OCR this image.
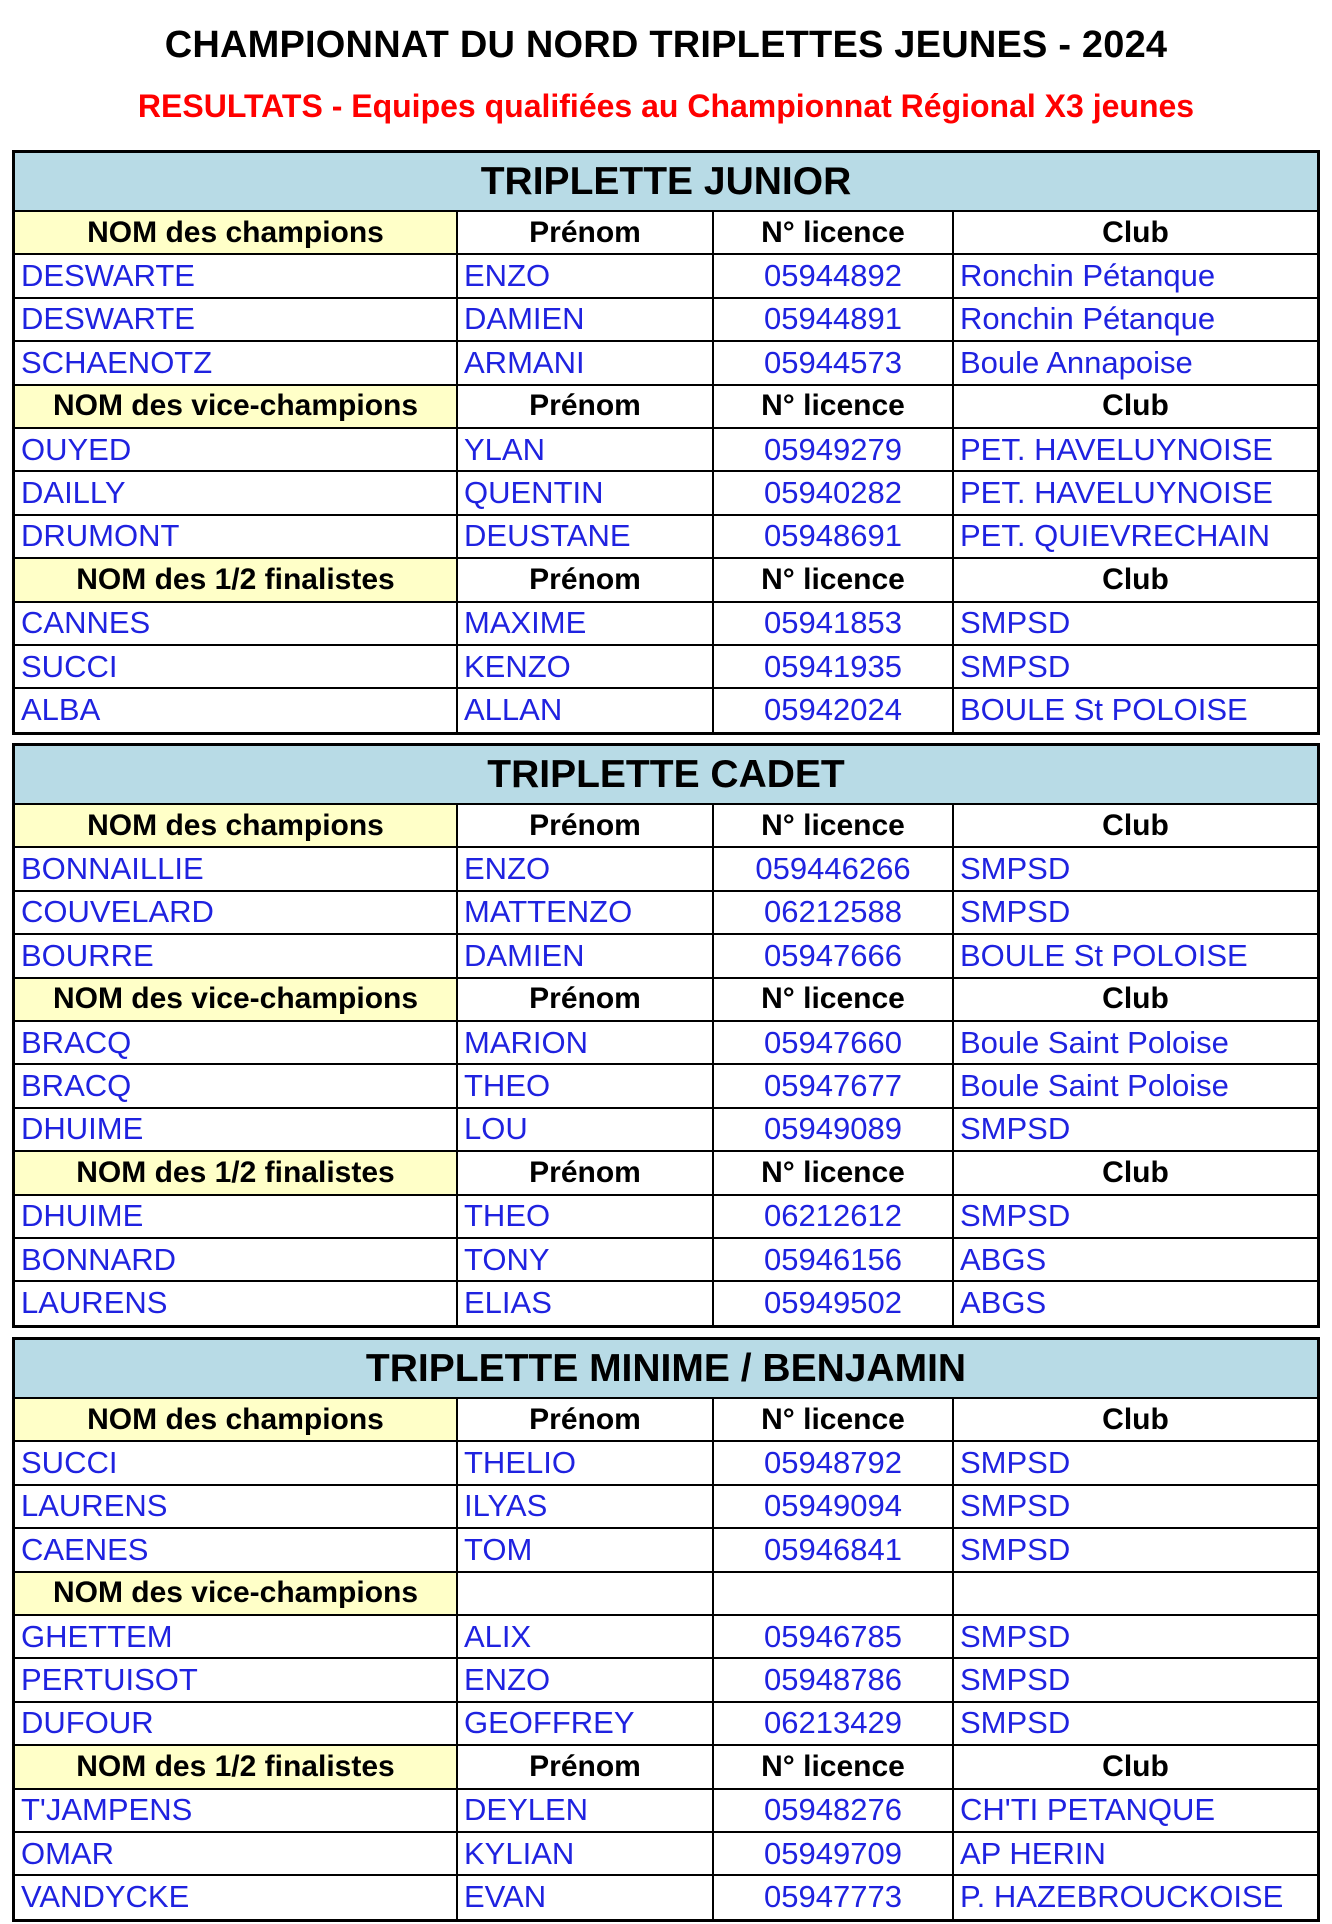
CHAMPIONNAT DU NORD TRIPLETTES JEUNES - 2024
RESULTATS - Equipes qualifiées au Championnat Régional X3 jeunes
TRIPLETTE JUNIOR			
NOM des champions	Prénom	N° licence	Club
DESWARTE	ENZO	05944892	Ronchin Pétanque
DESWARTE	DAMIEN	05944891	Ronchin Pétanque
SCHAENOTZ	ARMANI	05944573	Boule Annapoise
NOM des vice-champions	Prénom	N° licence	Club
OUYED	YLAN	05949279	PET. HAVELUYNOISE
DAILLY	QUENTIN	05940282	PET. HAVELUYNOISE
DRUMONT	DEUSTANE	05948691	PET. QUIEVRECHAIN
NOM des 1/2 finalistes	Prénom	N° licence	Club
CANNES	MAXIME	05941853	SMPSD
SUCCI	KENZO	05941935	SMPSD
ALBA	ALLAN	05942024	BOULE St POLOISE
TRIPLETTE CADET			
NOM des champions	Prénom	N° licence	Club
BONNAILLIE	ENZO	059446266	SMPSD
COUVELARD	MATTENZO	06212588	SMPSD
BOURRE	DAMIEN	05947666	BOULE St POLOISE
NOM des vice-champions	Prénom	N° licence	Club
BRACQ	MARION	05947660	Boule Saint Poloise
BRACQ	THEO	05947677	Boule Saint Poloise
DHUIME	LOU	05949089	SMPSD
NOM des 1/2 finalistes	Prénom	N° licence	Club
DHUIME	THEO	06212612	SMPSD
BONNARD	TONY	05946156	ABGS
LAURENS	ELIAS	05949502	ABGS
TRIPLETTE MINIME / BENJAMIN			
NOM des champions	Prénom	N° licence	Club
SUCCI	THELIO	05948792	SMPSD
LAURENS	ILYAS	05949094	SMPSD
CAENES	TOM	05946841	SMPSD
NOM des vice-champions			
GHETTEM	ALIX	05946785	SMPSD
PERTUISOT	ENZO	05948786	SMPSD
DUFOUR	GEOFFREY	06213429	SMPSD
NOM des 1/2 finalistes	Prénom	N° licence	Club
T'JAMPENS	DEYLEN	05948276	CH'TI PETANQUE
OMAR	KYLIAN	05949709	AP HERIN
VANDYCKE	EVAN	05947773	P. HAZEBROUCKOISE
